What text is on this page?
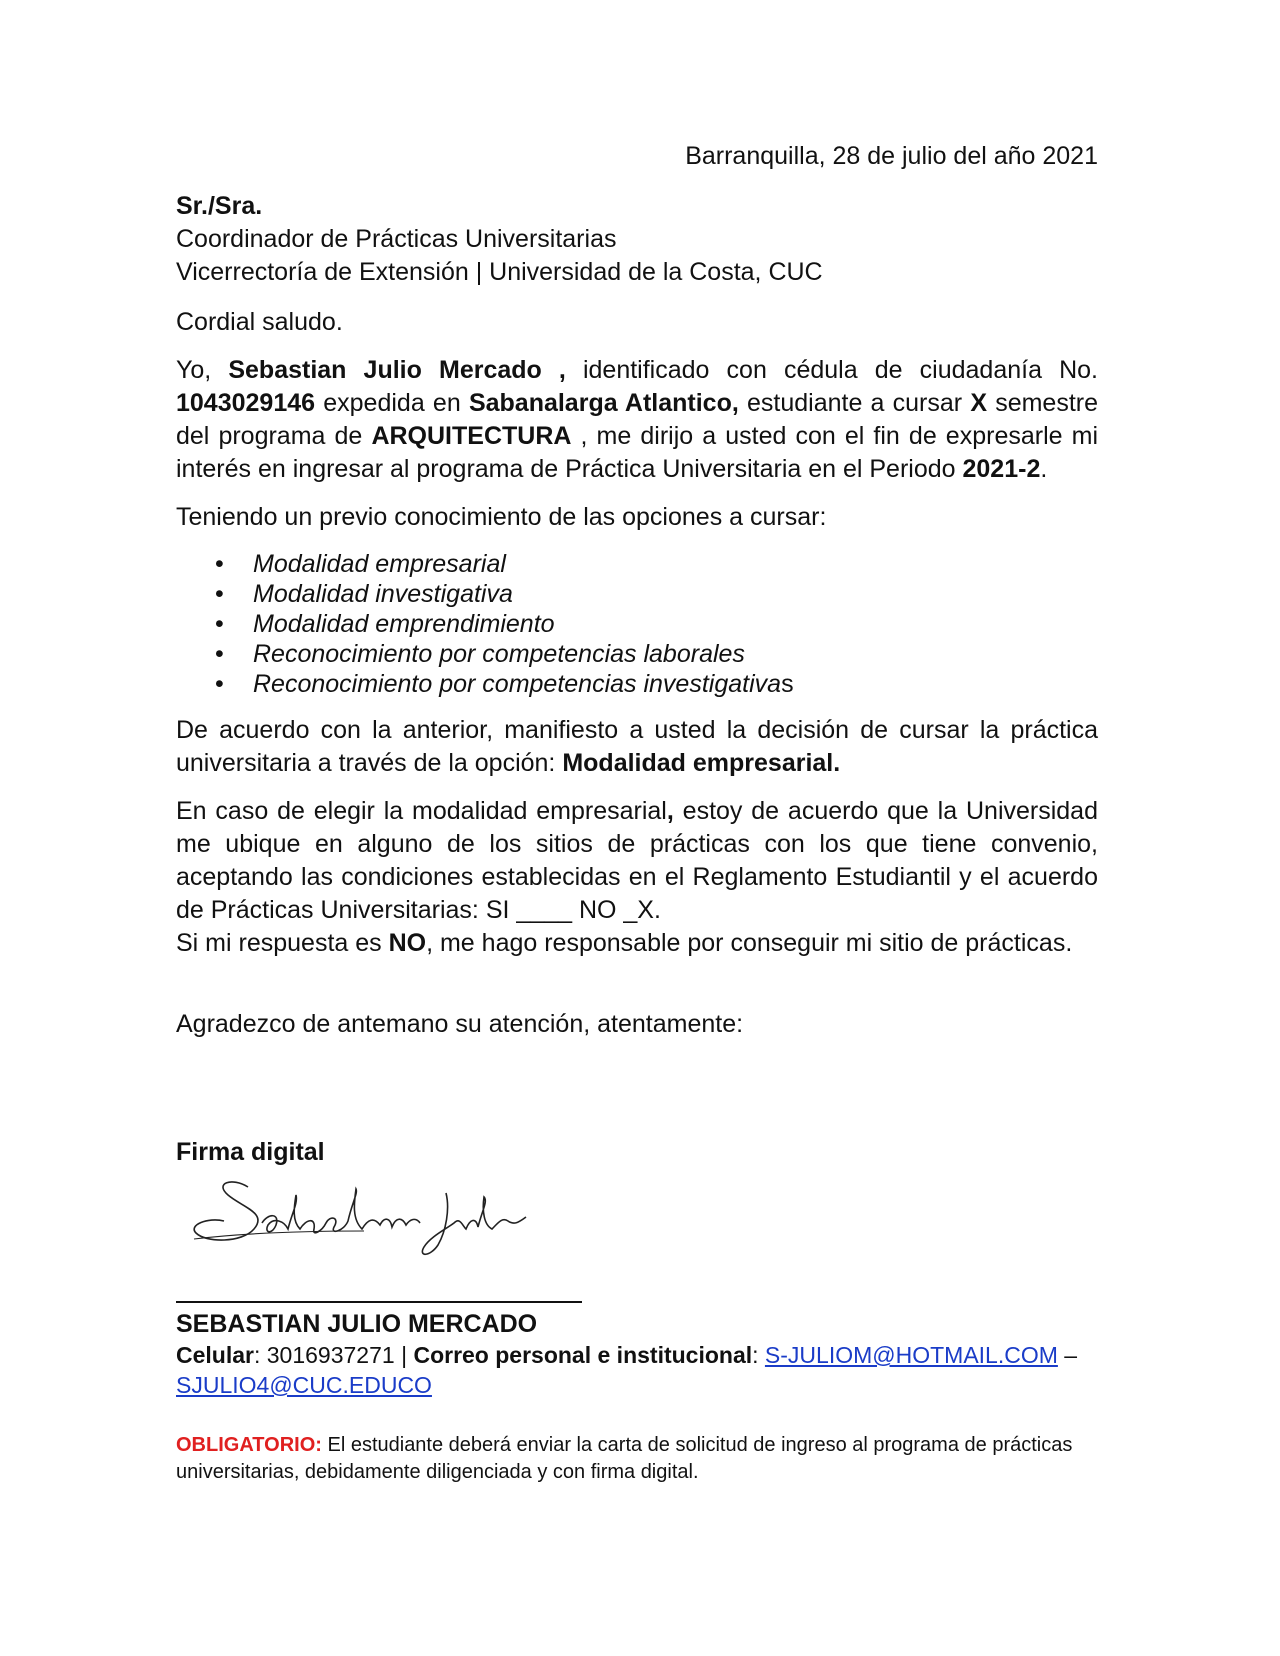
Barranquilla, 28 de julio del año 2021

Sr./Sra.

Coordinador de Prácticas Universitarias

Vicerrectoría de Extensión | Universidad de la Costa, CUC

Cordial saludo.

Yo, Sebastian Julio Mercado , identificado con cédula de ciudadanía No. 1043029146 expedida en Sabanalarga Atlantico, estudiante a cursar X semestre del programa de ARQUITECTURA , me dirijo a usted con el fin de expresarle mi interés en ingresar al programa de Práctica Universitaria en el Periodo 2021-2.

Teniendo un previo conocimiento de las opciones a cursar:

• Modalidad empresarial
• Modalidad investigativa
• Modalidad emprendimiento
• Reconocimiento por competencias laborales
• Reconocimiento por competencias investigativas

De acuerdo con la anterior, manifiesto a usted la decisión de cursar la práctica universitaria a través de la opción: Modalidad empresarial.

En caso de elegir la modalidad empresarial, estoy de acuerdo que la Universidad me ubique en alguno de los sitios de prácticas con los que tiene convenio, aceptando las condiciones establecidas en el Reglamento Estudiantil y el acuerdo de Prácticas Universitarias: SI ____ NO _X.

Si mi respuesta es NO, me hago responsable por conseguir mi sitio de prácticas.

Agradezco de antemano su atención, atentamente:

Firma digital

SEBASTIAN JULIO MERCADO

Celular: 3016937271 | Correo personal e institucional: S-JULIOM@HOTMAIL.COM –
SJULIO4@CUC.EDUCO

OBLIGATORIO: El estudiante deberá enviar la carta de solicitud de ingreso al programa de prácticas universitarias, debidamente diligenciada y con firma digital.
